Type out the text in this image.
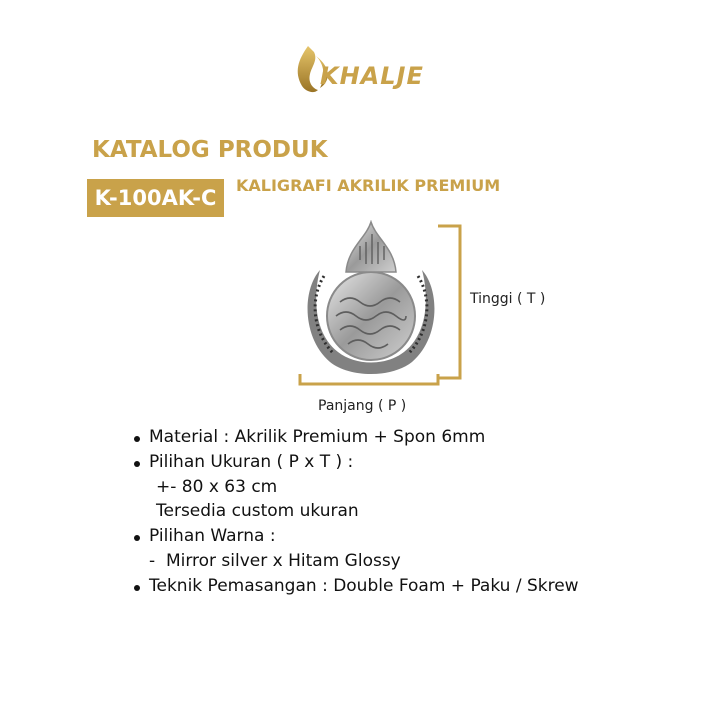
KHALJE
KATALOG PRODUK
K-100AK-C
KALIGRAFI AKRILIK PREMIUM
Tinggi ( T )
Panjang ( P )
Material : Akrilik Premium + Spon 6mm
Pilihan Ukuran ( P x T ) :
+- 80 x 63 cm
Tersedia custom ukuran
Pilihan Warna :
-  Mirror silver x Hitam Glossy
Teknik Pemasangan : Double Foam + Paku / Skrew
